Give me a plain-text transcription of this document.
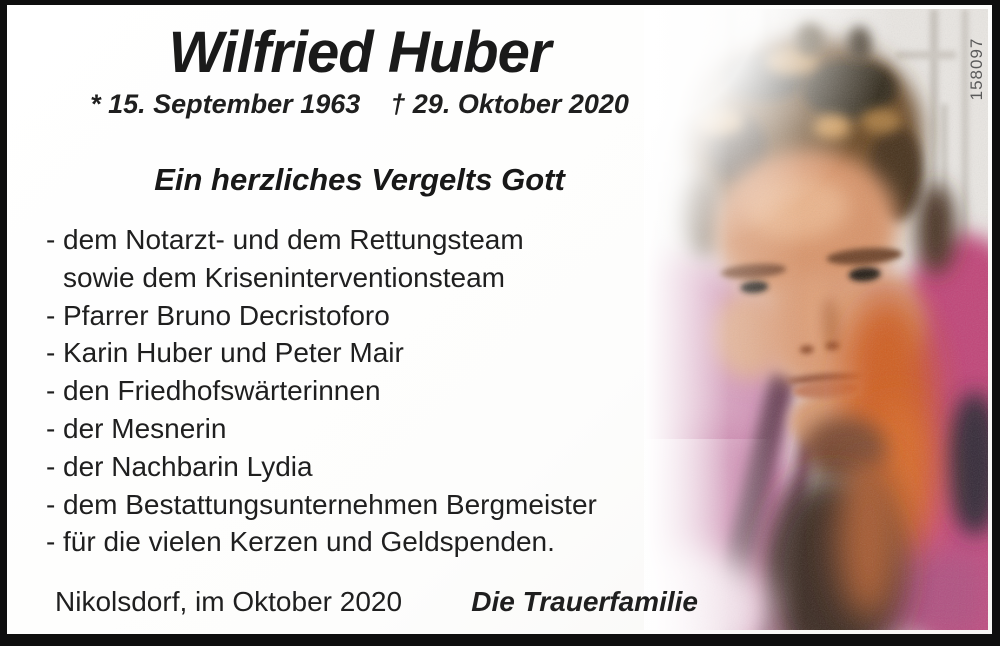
Wilfried Huber
* 15. September 1963 † 29. Oktober 2020
Ein herzliches Vergelts Gott
- dem Notarzt- und dem Rettungsteam
sowie dem Kriseninterventionsteam
- Pfarrer Bruno Decristoforo
- Karin Huber und Peter Mair
- den Friedhofswärterinnen
- der Mesnerin
- der Nachbarin Lydia
- dem Bestattungsunternehmen Bergmeister
- für die vielen Kerzen und Geldspenden.
Nikolsdorf, im Oktober 2020 Die Trauerfamilie
158097
